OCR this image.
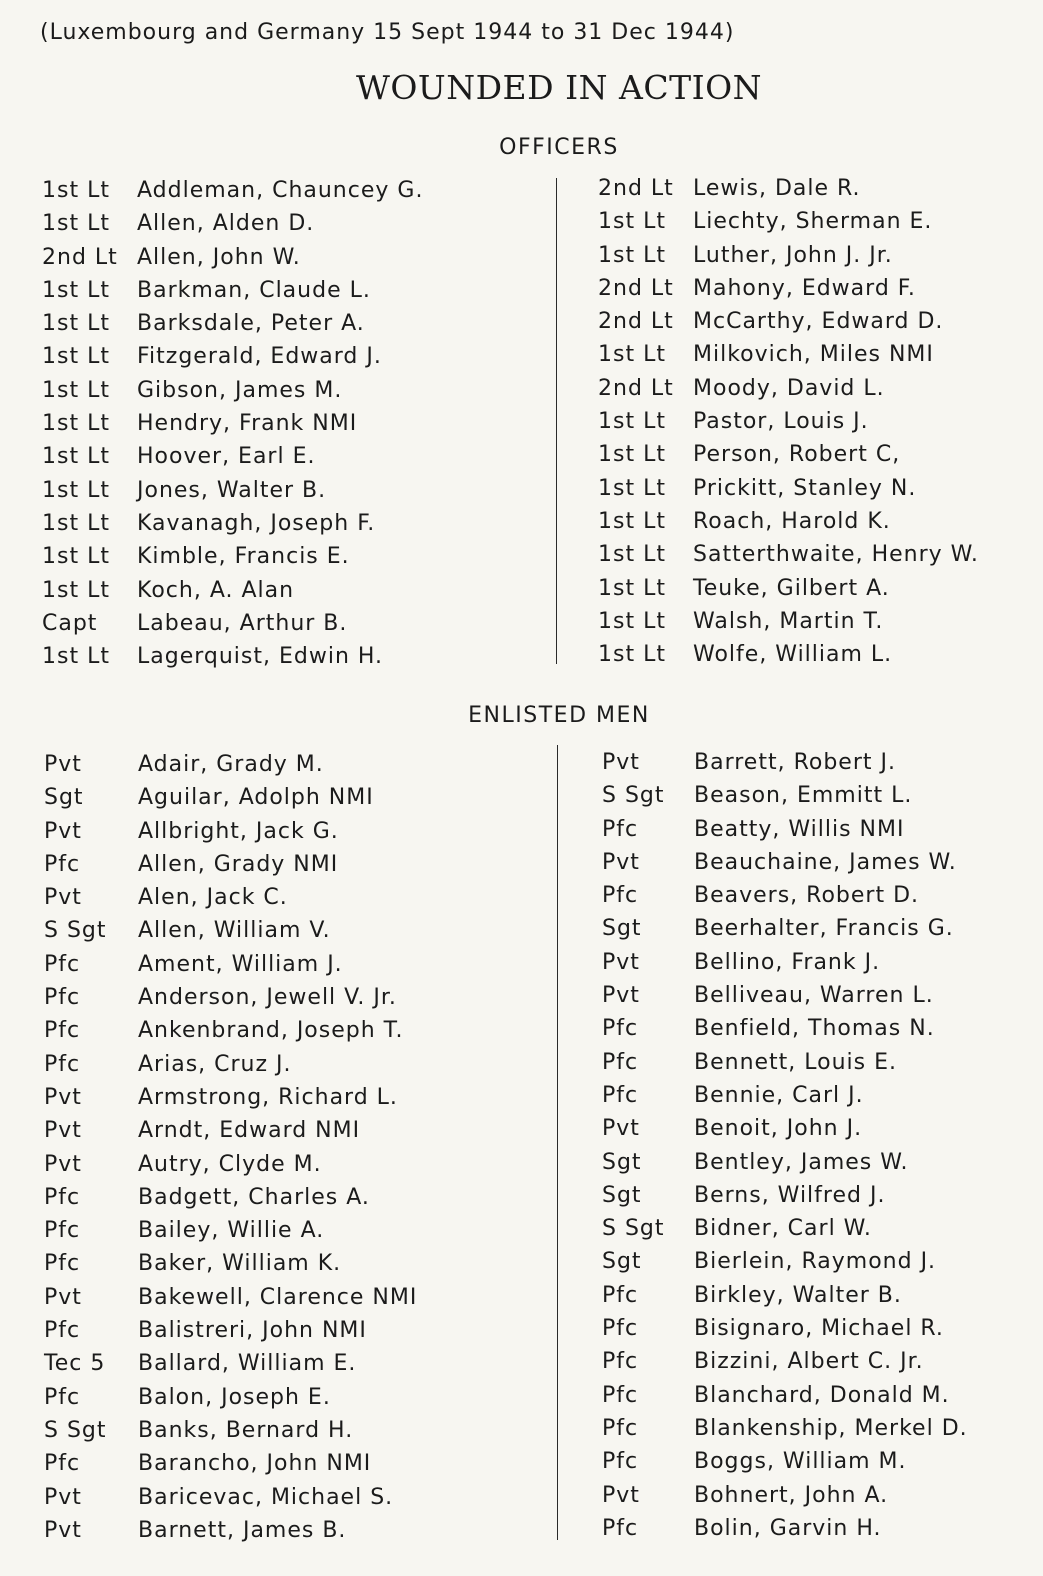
(Luxembourg and Germany 15 Sept 1944 to 31 Dec 1944)
WOUNDED IN ACTION
OFFICERS
1st Lt Addleman, Chauncey G.
1st Lt Allen, Alden D.
2nd Lt Allen, John W.
1st Lt Barkman, Claude L.
1st Lt Barksdale, Peter A.
1st Lt Fitzgerald, Edward J.
1st Lt Gibson, James M.
1st Lt Hendry, Frank NMI
1st Lt Hoover, Earl E.
1st Lt Jones, Walter B.
1st Lt Kavanagh, Joseph F.
1st Lt Kimble, Francis E.
1st Lt Koch, A. Alan
Capt Labeau, Arthur B.
1st Lt Lagerquist, Edwin H.
2nd Lt Lewis, Dale R.
1st Lt Liechty, Sherman E.
1st Lt Luther, John J. Jr.
2nd Lt Mahony, Edward F.
2nd Lt McCarthy, Edward D.
1st Lt Milkovich, Miles NMI
2nd Lt Moody, David L.
1st Lt Pastor, Louis J.
1st Lt Person, Robert C,
1st Lt Prickitt, Stanley N.
1st Lt Roach, Harold K.
1st Lt Satterthwaite, Henry W.
1st Lt Teuke, Gilbert A.
1st Lt Walsh, Martin T.
1st Lt Wolfe, William L.
ENLISTED MEN
Pvt	Adair, Grady M.
Sgt Aguilar, Adolph NMI
Pvt	Allbright, Jack G.
Pfc	Allen, Grady NMI
Pvt	Alen, Jack C.
S Sgt Allen, William V.
Pfc	Ament, William J.
Pfc	Anderson, Jewell V. Jr.
Pfc	Ankenbrand, Joseph T.
Pfc	Arias, Cruz J.
Pvt	Armstrong, Richard L.
Pvt	Arndt, Edward NMI
Pvt	Autry, Clyde M.
Pfc	Badgett, Charles A.
Pfc	Bailey, Willie A.
Pfc	Baker, William K.
Pvt	Bakewell, Clarence NMI
Pfc	Balistreri, John NMI
Tec 5 Ballard, William E.
Pfc	Balon, Joseph E.
S Sgt Banks, Bernard H.
Pfc	Barancho, John NMI
Pvt	Baricevac, Michael S.
Pvt	Barnett, James B.
Pvt Barrett, Robert J.
S Sgt Beason, Emmitt L.
Pfc	Beatty, Willis NMI
Pvt Beauchaine, James W.
Pfc	Beavers, Robert D.
Sgt Beerhalter, Francis G.
Pvt Bellino, Frank J.
Pvt Belliveau, Warren L.
Pfc	Benfield, Thomas N.
Pfc	Bennett, Louis E.
Pfc	Bennie, Carl J.
Pvt Benoit, John J.
Sgt Bentley, James W.
Sgt Berns, Wilfred J.
S Sgt Bidner, Carl W.
Sgt Bierlein, Raymond J.
Pfc	Birkley, Walter B.
Pfc	Bisignaro, Michael R.
Pfc	Bizzini, Albert C. Jr.
Pfc	Blanchard, Donald M.
Pfc	Blankenship, Merkel D.
Pfc	Boggs, William M.
Pvt Bohnert, John A.
Pfc	Bolin, Garvin H.
